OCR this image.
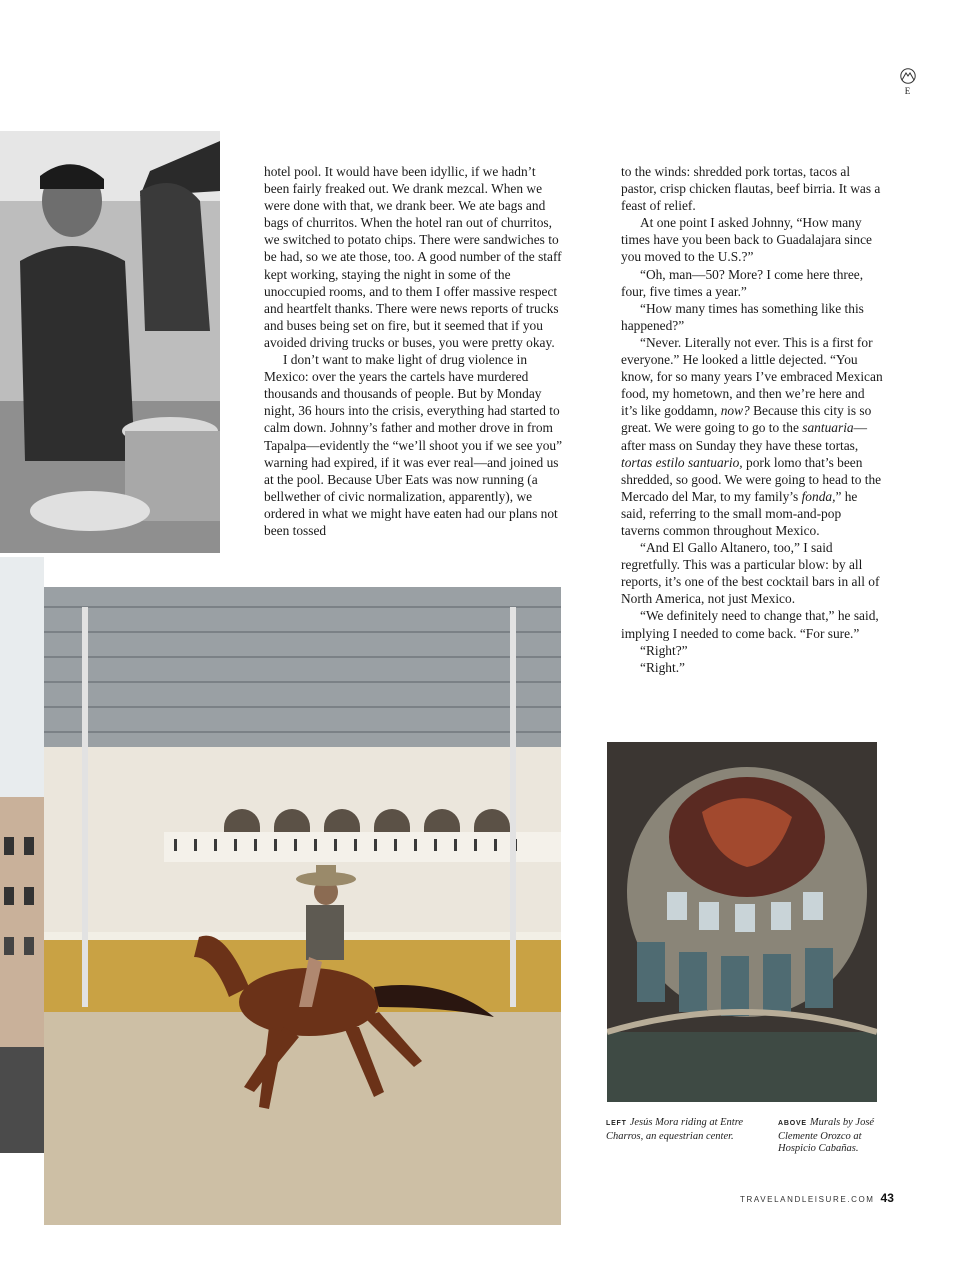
E

hotel pool. It would have been idyllic, if we hadn’t been fairly freaked out. We drank mezcal. When we were done with that, we drank beer. We ate bags and bags of churritos. When the hotel ran out of churritos, we switched to potato chips. There were sandwiches to be had, so we ate those, too. A good number of the staff kept working, staying the night in some of the unoccupied rooms, and to them I offer massive respect and heartfelt thanks. There were news reports of trucks and buses being set on fire, but it seemed that if you avoided driving trucks or buses, you were pretty okay.

I don’t want to make light of drug violence in Mexico: over the years the cartels have murdered thousands and thousands of people. But by Monday night, 36 hours into the crisis, everything had started to calm down. Johnny’s father and mother drove in from Tapalpa—evidently the “we’ll shoot you if we see you” warning had expired, if it was ever real—and joined us at the pool. Because Uber Eats was now running (a bellwether of civic normalization, apparently), we ordered in what we might have eaten had our plans not been tossed

to the winds: shredded pork tortas, tacos al pastor, crisp chicken flautas, beef birria. It was a feast of relief.

At one point I asked Johnny, “How many times have you been back to Guadalajara since you moved to the U.S.?”

“Oh, man—50? More? I come here three, four, five times a year.”

“How many times has something like this happened?”

“Never. Literally not ever. This is a first for everyone.” He looked a little dejected. “You know, for so many years I’ve embraced Mexican food, my hometown, and then we’re here and it’s like goddamn, now? Because this city is so great. We were going to go to the santuaria—after mass on Sunday they have these tortas, tortas estilo santuario, pork lomo that’s been shredded, so good. We were going to head to the Mercado del Mar, to my family’s fonda,” he said, referring to the small mom-and-pop taverns common throughout Mexico.

“And El Gallo Altanero, too,” I said regretfully. This was a particular blow: by all reports, it’s one of the best cocktail bars in all of North America, not just Mexico.

“We definitely need to change that,” he said, implying I needed to come back. “For sure.”

“Right?”

“Right.”

LEFT Jesús Mora riding at Entre Charros, an equestrian center.
ABOVE Murals by José Clemente Orozco at Hospicio Cabañas.
TRAVELANDLEISURE.COM 43
